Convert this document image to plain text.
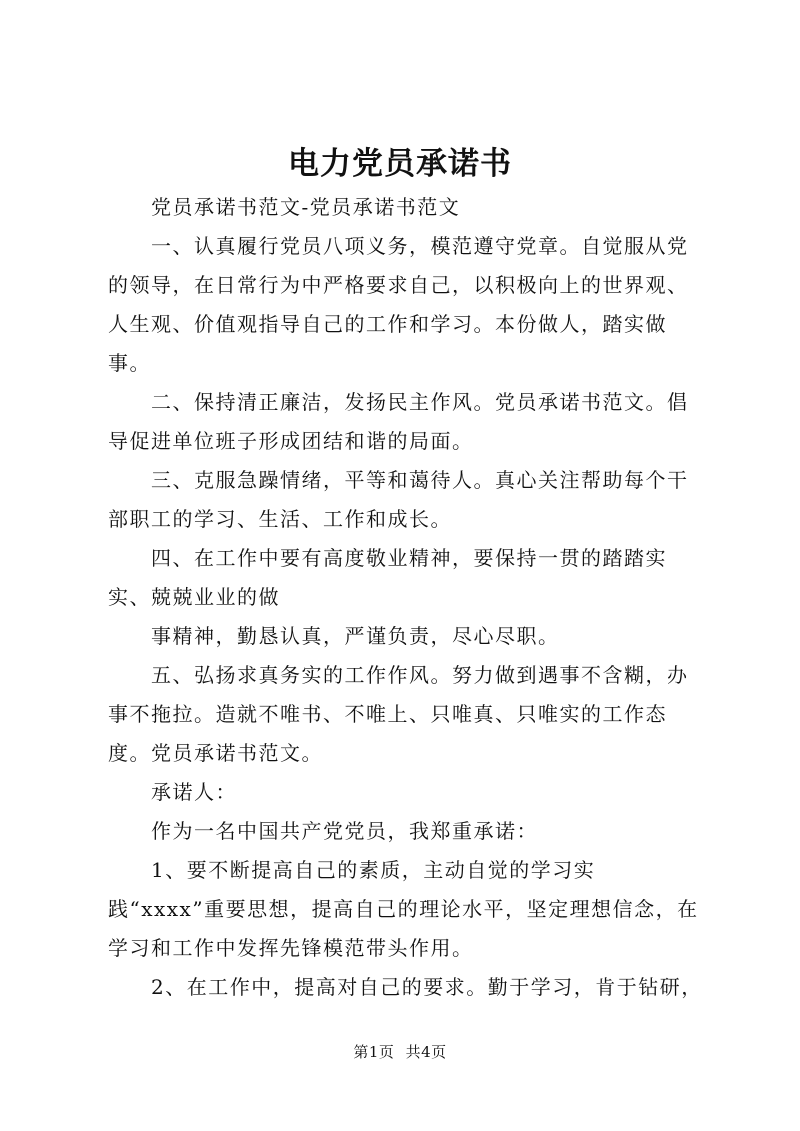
电力党员承诺书

党员承诺书范文-党员承诺书范文

一、认真履行党员八项义务，模范遵守党章。自觉服从党的领导，在日常行为中严格要求自己，以积极向上的世界观、人生观、价值观指导自己的工作和学习。本份做人，踏实做事。

二、保持清正廉洁，发扬民主作风。党员承诺书范文。倡导促进单位班子形成团结和谐的局面。

三、克服急躁情绪，平等和蔼待人。真心关注帮助每个干部职工的学习、生活、工作和成长。

四、在工作中要有高度敬业精神，要保持一贯的踏踏实实、兢兢业业的做

事精神，勤恳认真，严谨负责，尽心尽职。

五、弘扬求真务实的工作作风。努力做到遇事不含糊，办事不拖拉。造就不唯书、不唯上、只唯真、只唯实的工作态度。党员承诺书范文。

承诺人：

作为一名中国共产党党员，我郑重承诺：

1、要不断提高自己的素质，主动自觉的学习实践“xxxx”重要思想，提高自己的理论水平，坚定理想信念，在学习和工作中发挥先锋模范带头作用。

2、在工作中，提高对自己的要求。勤于学习，肯于钻研，

第1页 共4页
